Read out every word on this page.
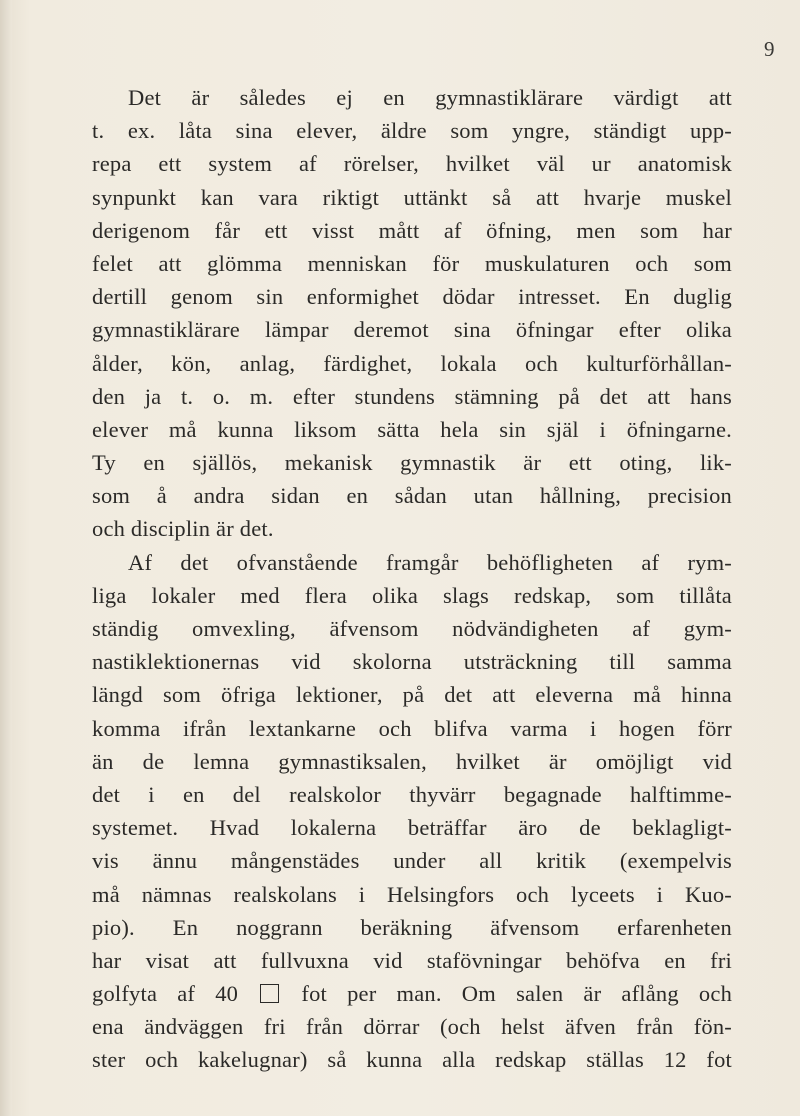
9
Det är således ej en gymnastiklärare värdigt att
t. ex. låta sina elever, äldre som yngre, ständigt upp-
repa ett system af rörelser, hvilket väl ur anatomisk
synpunkt kan vara riktigt uttänkt så att hvarje muskel
derigenom får ett visst mått af öfning, men som har
felet att glömma menniskan för muskulaturen och som
dertill genom sin enformighet dödar intresset. En duglig
gymnastiklärare lämpar deremot sina öfningar efter olika
ålder, kön, anlag, färdighet, lokala och kulturförhållan-
den ja t. o. m. efter stundens stämning på det att hans
elever må kunna liksom sätta hela sin själ i öfningarne.
Ty en själlös, mekanisk gymnastik är ett oting, lik-
som å andra sidan en sådan utan hållning, precision
och disciplin är det.
Af det ofvanstående framgår behöfligheten af rym-
liga lokaler med flera olika slags redskap, som tillåta
ständig omvexling, äfvensom nödvändigheten af gym-
nastiklektionernas vid skolorna utsträckning till samma
längd som öfriga lektioner, på det att eleverna må hinna
komma ifrån lextankarne och blifva varma i hogen förr
än de lemna gymnastiksalen, hvilket är omöjligt vid
det i en del realskolor thyvärr begagnade halftimme-
systemet. Hvad lokalerna beträffar äro de beklagligt-
vis ännu mångenstädes under all kritik (exempelvis
må nämnas realskolans i Helsingfors och lyceets i Kuo-
pio). En noggrann beräkning äfvensom erfarenheten
har visat att fullvuxna vid stafövningar behöfva en fri
golfyta af 40	fot per man. Om salen är aflång och
ena ändväggen fri från dörrar (och helst äfven från fön-
ster och kakelugnar) så kunna alla redskap ställas 12 fot
